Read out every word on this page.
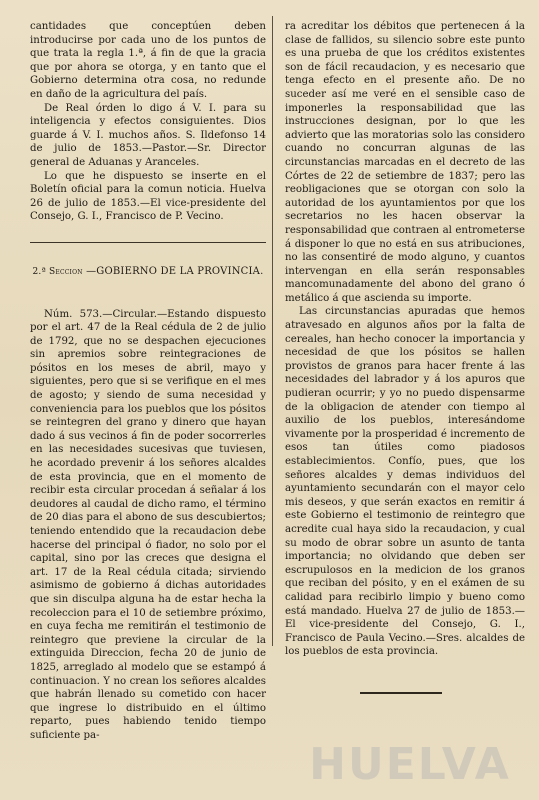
cantidades que conceptúen deben introducirse por cada uno de los puntos de que trata la regla 1.ª, á fin de que la gracia que por ahora se otorga, y en tanto que el Gobierno determina otra cosa, no redunde en daño de la agricultura del país.

De Real órden lo digo á V. I. para su inteligencia y efectos consiguientes. Dios guarde á V. I. muchos años. S. Ildefonso 14 de julio de 1853.—Pastor.—Sr. Director general de Aduanas y Aranceles.

Lo que he dispuesto se inserte en el Boletín oficial para la comun noticia. Huelva 26 de julio de 1853.—El vice-presidente del Consejo, G. I., Francisco de P. Vecino.

2.ª Seccion —GOBIERNO DE LA PROVINCIA.

Núm. 573.—Circular.—Estando dispuesto por el art. 47 de la Real cédula de 2 de julio de 1792, que no se despachen ejecuciones sin apremios sobre reintegraciones de pósitos en los meses de abril, mayo y siguientes, pero que si se verifique en el mes de agosto; y siendo de suma necesidad y conveniencia para los pueblos que los pósitos se reintegren del grano y dinero que hayan dado á sus vecinos á fin de poder socorrerles en las necesidades sucesivas que tuviesen, he acordado prevenir á los señores alcaldes de esta provincia, que en el momento de recibir esta circular procedan á señalar á los deudores al caudal de dicho ramo, el término de 20 dias para el abono de sus descubiertos; teniendo entendido que la recaudacion debe hacerse del principal ó fiador, no solo por el capital, sino por las creces que designa el art. 17 de la Real cédula citada; sirviendo asimismo de gobierno á dichas autoridades que sin disculpa alguna ha de estar hecha la recoleccion para el 10 de setiembre próximo, en cuya fecha me remitirán el testimonio de reintegro que previene la circular de la extinguida Direccion, fecha 20 de junio de 1825, arreglado al modelo que se estampó á continuacion. Y no crean los señores alcaldes que habrán llenado su cometido con hacer que ingrese lo distribuido en el último reparto, pues habiendo tenido tiempo suficiente pa-

ra acreditar los débitos que pertenecen á la clase de fallidos, su silencio sobre este punto es una prueba de que los créditos existentes son de fácil recaudacion, y es necesario que tenga efecto en el presente año. De no suceder así me veré en el sensible caso de imponerles la responsabilidad que las instrucciones designan, por lo que les advierto que las moratorias solo las considero cuando no concurran algunas de las circunstancias marcadas en el decreto de las Córtes de 22 de setiembre de 1837; pero las reobligaciones que se otorgan con solo la autoridad de los ayuntamientos por que los secretarios no les hacen observar la responsabilidad que contraen al entrometerse á disponer lo que no está en sus atribuciones, no las consentiré de modo alguno, y cuantos intervengan en ella serán responsables mancomunadamente del abono del grano ó metálico á que ascienda su importe.

Las circunstancias apuradas que hemos atravesado en algunos años por la falta de cereales, han hecho conocer la importancia y necesidad de que los pósitos se hallen provistos de granos para hacer frente á las necesidades del labrador y á los apuros que pudieran ocurrir; y yo no puedo dispensarme de la obligacion de atender con tiempo al auxilio de los pueblos, interesándome vivamente por la prosperidad é incremento de esos tan útiles como piadosos establecimientos. Confío, pues, que los señores alcaldes y demas individuos del ayuntamiento secundarán con el mayor celo mis deseos, y que serán exactos en remitir á este Gobierno el testimonio de reintegro que acredite cual haya sido la recaudacion, y cual su modo de obrar sobre un asunto de tanta importancia; no olvidando que deben ser escrupulosos en la medicion de los granos que reciban del pósito, y en el exámen de su calidad para recibirlo limpio y bueno como está mandado. Huelva 27 de julio de 1853.—El vice-presidente del Consejo, G. I., Francisco de Paula Vecino.—Sres. alcaldes de los pueblos de esta provincia.

HUELVA
